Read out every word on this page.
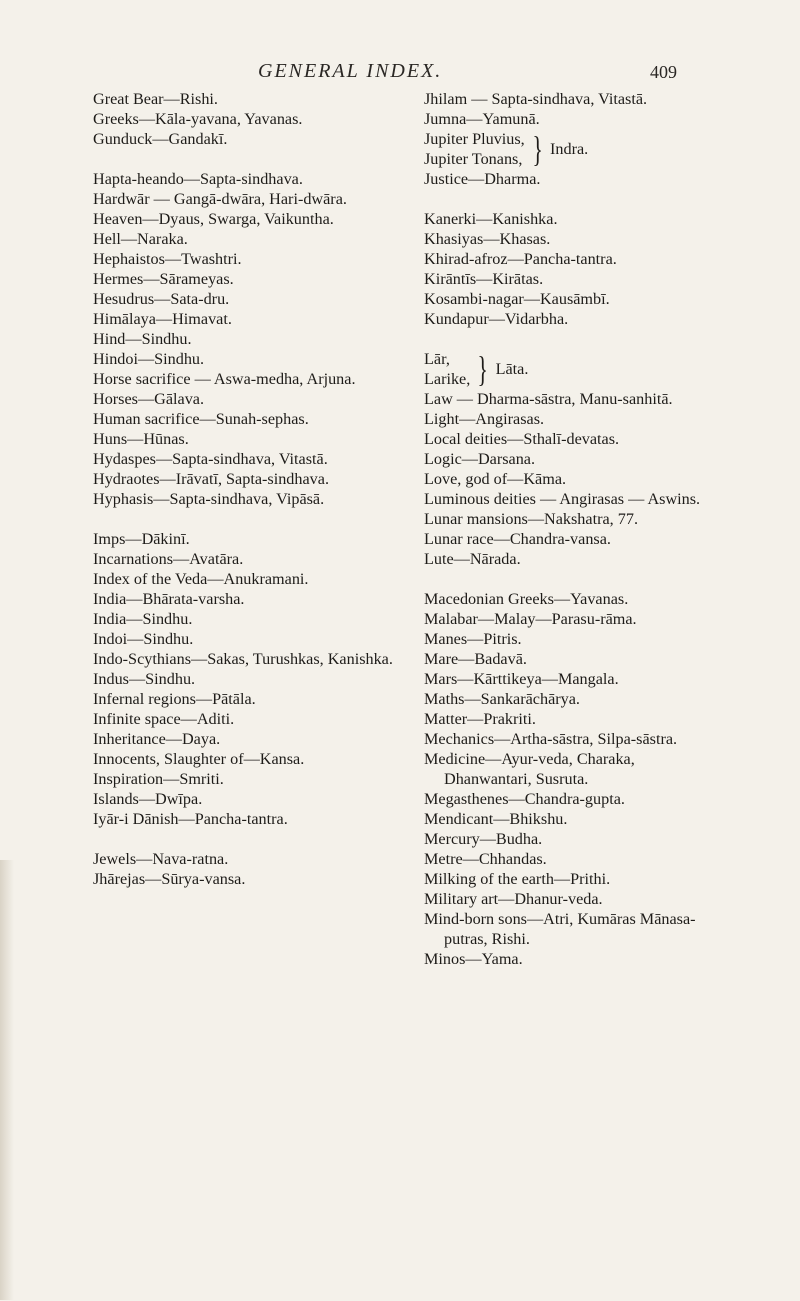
GENERAL INDEX.	409
Great Bear—Rishi.
Greeks—Kāla-yavana, Yavanas.
Gunduck—Gandakī.
Hapta-heando—Sapta-sindhava.
Hardwār — Gangā-dwāra, Hari-dwāra.
Heaven—Dyaus, Swarga, Vaikuntha.
Hell—Naraka.
Hephaistos—Twashtri.
Hermes—Sārameyas.
Hesudrus—Sata-dru.
Himālaya—Himavat.
Hind—Sindhu.
Hindoi—Sindhu.
Horse sacrifice — Aswa-medha, Arjuna.
Horses—Gālava.
Human sacrifice—Sunah-sephas.
Huns—Hūnas.
Hydaspes—Sapta-sindhava, Vitastā.
Hydraotes—Irāvatī, Sapta-sindhava.
Hyphasis—Sapta-sindhava, Vipāsā.
Imps—Dākinī.
Incarnations—Avatāra.
Index of the Veda—Anukramani.
India—Bhārata-varsha.
India—Sindhu.
Indoi—Sindhu.
Indo-Scythians—Sakas, Turushkas, Kanishka.
Indus—Sindhu.
Infernal regions—Pātāla.
Infinite space—Aditi.
Inheritance—Daya.
Innocents, Slaughter of—Kansa.
Inspiration—Smriti.
Islands—Dwīpa.
Iyār-i Dānish—Pancha-tantra.
Jewels—Nava-ratna.
Jhārejas—Sūrya-vansa.
Jhilam — Sapta-sindhava, Vitastā.
Jumna—Yamunā.
Jupiter Pluvius,
Jupiter Tonans, } Indra.
Justice—Dharma.
Kanerki—Kanishka.
Khasiyas—Khasas.
Khirad-afroz—Pancha-tantra.
Kirāntīs—Kirātas.
Kosambi-nagar—Kausāmbī.
Kundapur—Vidarbha.
Lār,
Larike, } Lāta.
Law — Dharma-sāstra, Manu-sanhitā.
Light—Angirasas.
Local deities—Sthalī-devatas.
Logic—Darsana.
Love, god of—Kāma.
Luminous deities — Angirasas — Aswins.
Lunar mansions—Nakshatra, 77.
Lunar race—Chandra-vansa.
Lute—Nārada.
Macedonian Greeks—Yavanas.
Malabar—Malay—Parasu-rāma.
Manes—Pitris.
Mare—Badavā.
Mars—Kārttikeya—Mangala.
Maths—Sankarāchārya.
Matter—Prakriti.
Mechanics—Artha-sāstra, Silpa-sāstra.
Medicine—Ayur-veda, Charaka, Dhanwantari, Susruta.
Megasthenes—Chandra-gupta.
Mendicant—Bhikshu.
Mercury—Budha.
Metre—Chhandas.
Milking of the earth—Prithi.
Military art—Dhanur-veda.
Mind-born sons—Atri, Kumāras Mānasa-putras, Rishi.
Minos—Yama.
